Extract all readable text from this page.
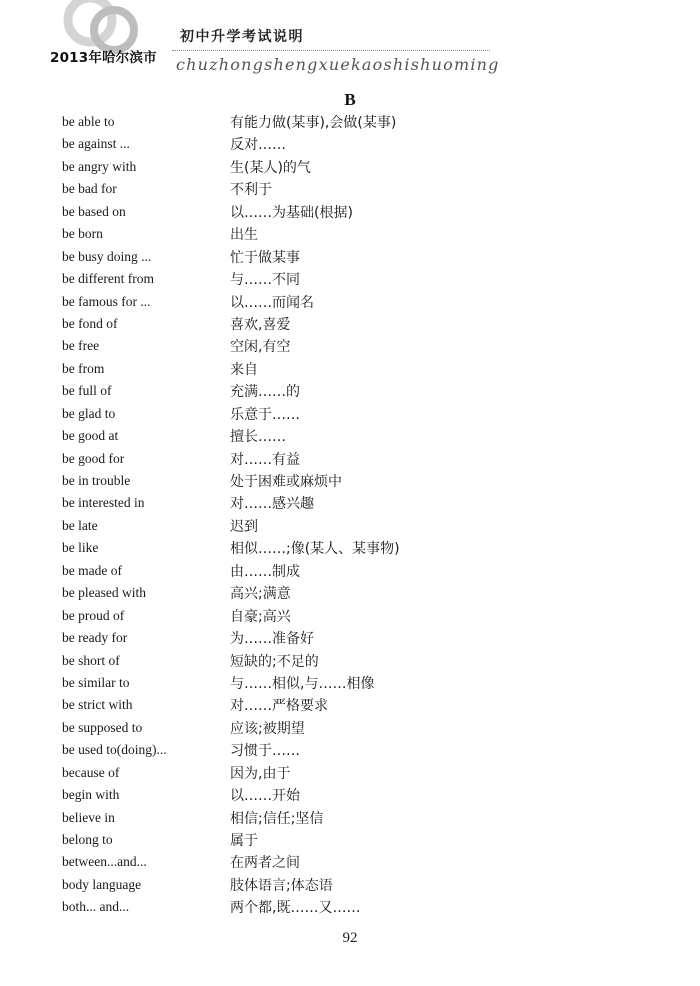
2013年哈尔滨市
初中升学考试说明
chuzhongshengxuekaoshishuoming
B
be able to	有能力做(某事),会做(某事)
be against ...	反对……
be angry with	生(某人)的气
be bad for	不利于
be based on	以……为基础(根据)
be born	出生
be busy doing ...	忙于做某事
be different from	与……不同
be famous for ...	以……而闻名
be fond of	喜欢,喜爱
be free	空闲,有空
be from	来自
be full of	充满……的
be glad to	乐意于……
be good at	擅长……
be good for	对……有益
be in trouble	处于困难或麻烦中
be interested in	对……感兴趣
be late	迟到
be like	相似……;像(某人、某事物)
be made of	由……制成
be pleased with	高兴;满意
be proud of	自豪;高兴
be ready for	为……准备好
be short of	短缺的;不足的
be similar to	与……相似,与……相像
be strict with	对……严格要求
be supposed to	应该;被期望
be used to(doing)...	习惯于……
because of	因为,由于
begin with	以……开始
believe in	相信;信任;坚信
belong to	属于
between...and...	在两者之间
body language	肢体语言;体态语
both... and...	两个都,既……又……
92
